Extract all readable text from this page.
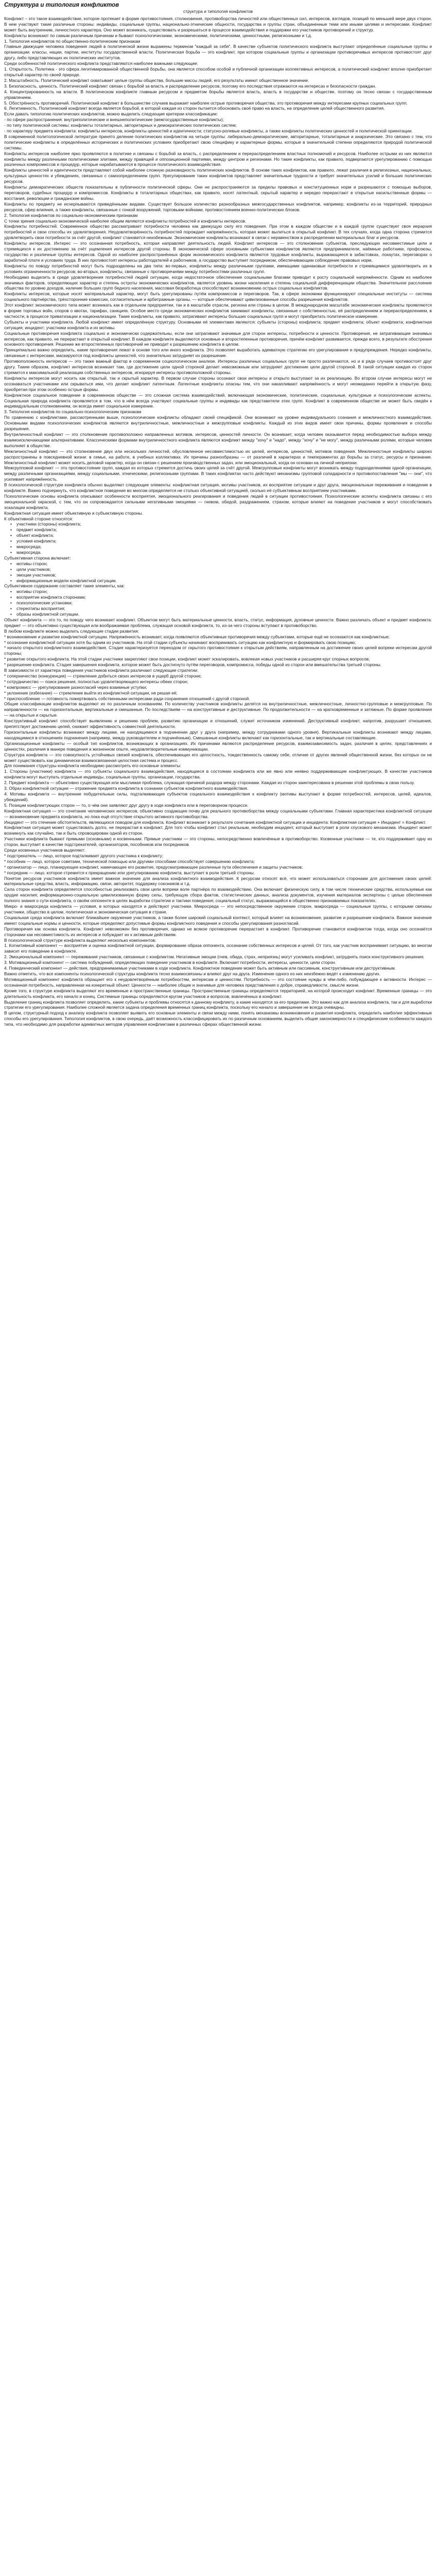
Структура и типология конфликтов
структура и типология конфликтов

Конфликт – это такое взаимодействие, которое протекает в форме противостояния, столкновения, противоборства личностей или общественных сил, интересов, взглядов, позиций по меньшей мере двух сторон. В нем участвуют такие различные стороны: индивиды, социальные группы, национально-этнические общности, государства и группы стран, объединенные теми или иными целями и интересами. Конфликт может быть внутренним, личностного характера. Оно может возникать, существовать и разрешаться в процессе взаимодействия и поддержки его участников противоречий и структур.

Конфликты возникают по самым различным причинам и бывают психологическими, экономическими, политическими, ценностными, религиозными и т.д.

1. Типология конфликтов по общественно-политическим признакам

Главные движущие человека поведения людей в политической жизни выражены термином "каждый за себя". В качестве субъектов политического конфликта выступают определённые социальные группы и организации: классы, нации, партии, институты государственной власти. Политическая борьба — это конфликт, при котором социальные группы и организации противоречивых интересов противостоят друг другу, либо представляющих их политических институтов.

Среди особенностей политического конфликта представляются наиболее важными следующие:

1. Открытость. Политика - это сфера легитимированной общественной борьбы, она является способом особой и публичной организации коллективных интересов, а политический конфликт вполне приобретает открытый характер по своей природе.

2. Масштабность. Политический конфликт охватывает целые группы общества, большие массы людей, его результаты имеют общественное значение.

3. Безопасность, ценность. Политический конфликт связан с борьбой за власть и распределение ресурсов, поэтому его последствия отражаются на интересах и безопасности граждан.

4. Концентрированность на власти. В политическом конфликте главным ресурсом и предметом борьбы является власть, власть в государстве и обществе, поэтому он тесно связан с государственным управлением.

5. Обострённость противоречий. Политический конфликт в большинстве случаев выражает наиболее острые противоречия общества, это противоречия между интересами крупных социальных групп.

6. Легитимность. Политический конфликт всегда является борьбой, в которой каждая из сторон пытается обосновать своё право на власть, на определение целей общественного развития.

Если давать типологию политических конфликтов, можно выделить следующие критерии классификации:

- по сфере распространения: внутриполитические и внешнеполитические (межгосударственные конфликты);

- по типу политической системы: конфликты тоталитарных, авторитарных и демократических политических систем;

- по характеру предмета конфликта: конфликты интересов, конфликты ценностей и идентичности; статусно-ролевые конфликты, а также конфликты политических ценностей и политической ориентации.

В современной политологической литературе принято деление политических конфликтов на четыре группы: либерально-демократические, авторитарные, тоталитарные и анархические. Это связано с тем, что политические конфликты в определённых исторических и политических условиях приобретают свою специфику и характерные формы, которые в значительной степени определяются природой политической системы.

Конфликты интересов наиболее ярко проявляются в политике и связаны с борьбой за власть, с распределением и перераспределением властных полномочий и ресурсов. Наиболее острыми из них являются конфликты между различными политическими элитами, между правящей и оппозиционной партиями, между центром и регионами. Но такие конфликты, как правило, подвергаются урегулированию с помощью различных компромиссов и процедур, которые нарабатываются в процессе политического взаимодействия.

Конфликты ценностей и идентичности представляют собой наиболее сложную разновидность политических конфликтов. В основе таких конфликтов, как правило, лежат различия в религиозных, национальных, культурных ценностях и убеждениях, связанных с самоопределением групп. Урегулирование таких конфликтов представляет значительные трудности и требует значительных усилий и больших политических ресурсов.

Конфликты демократических обществ показательны в публичности политической сферы. Они не распространяются за пределы правовых и конституционных норм и разрешаются с помощью выборов, переговоров, судебных процедур и компромиссов. Конфликты в тоталитарных обществах, как правило, носят латентный, скрытый характер и нередко перерастают в открытые насильственные формы — восстания, революции и гражданские войны.

Конфликты по предмету не исчерпываются приведёнными видами. Существует большое количество разнообразных межгосударственных конфликтов, например, конфликты из-за территорий, природных ресурсов, сфер влияния, а также конфликты, связанные с гонкой вооружений, торговыми войнами, противостоянием военно-политических блоков.

2. Типология конфликтов по социально-экономическим признакам

С точки зрения социально-экономической наиболее общим являются конфликты потребностей и конфликты интересов.

Конфликты потребностей. Современное общество рассматривает потребности человека как движущую силу его поведения. При этом в каждом обществе и в каждой группе существует своя иерархия потребностей и свои способы их удовлетворения. Неудовлетворённость потребностей порождает напряжённость, которая может вылиться в открытый конфликт. В тех случаях, когда одна сторона стремится удовлетворить свои потребности за счёт другой, конфликт становится неизбежным. Экономические конфликты возникают в связи с неравенством в распределении материальных благ и ресурсов.

Конфликты интересов. Интерес — это осознанная потребность, которая направляет деятельность людей. Конфликт интересов — это столкновение субъектов, преследующих несовместимые цели и стремящихся к их достижению за счёт ущемления интересов другой стороны. В экономической сфере основными субъектами конфликтов являются предприниматели, наёмные работники, профсоюзы, государство и различные группы интересов. Одной из наиболее распространённых форм экономического конфликта являются трудовые конфликты, выражающиеся в забастовках, локаутах, переговорах о заработной плате и условиях труда. В них противостоят интересы работодателей и работников, а государство выступает посредником, обеспечивающим соблюдение правовых норм.

Конфликты по поводу потребностей могут быть подразделены на два типа: во-первых, конфликты между различными группами, имеющими одинаковые потребности и стремящимися удовлетворить их в условиях ограниченности ресурсов; во-вторых, конфликты, связанные с противоречиями между потребностями различных групп.

Необходимо выделить в среде удовлетворения потребностей людей ситуации, когда недостаточное обеспечение социальными благами приводит к росту социальной напряжённости. Одним из наиболее значимых факторов, определяющих характер и степень остроты экономических конфликтов, является уровень жизни населения и степень социальной дифференциации общества. Значительное расслоение общества по уровню доходов, наличие больших групп бедного населения, массовая безработица способствуют возникновению острых социальных конфликтов.

Конфликты интересов, которые носят материальный характер, могут быть урегулированы путём компромиссов и переговоров. Так, в сфере экономики функционируют специальные институты — система социального партнёрства, трёхсторонние комиссии, согласительные и арбитражные органы, — которые обеспечивают цивилизованные способы разрешения конфликтов.

Этот конфликт экономического типа может возникать как в отдельном предприятии, так и в масштабе отрасли, региона или страны в целом. В международном масштабе экономические конфликты проявляются в форме торговых войн, споров о квотах, тарифах, санкциях. Особое место среди экономических конфликтов занимают конфликты, связанные с собственностью, её распределением и перераспределением, в частности, в процессе приватизации и национализации. Такие конфликты, как правило, затрагивают интересы больших социальных групп и могут приобретать политическое измерение.

Субъекты и участники конфликта. Любой конфликт имеет определённую структуру. Основными её элементами являются: субъекты (стороны) конфликта; предмет конфликта; объект конфликта; конфликтная ситуация; инцидент; участники конфликта и их мотивы.

Социальные противоречия конфликта социально и экономически содержательны, если они затрагивают значимые для сторон интересы, потребности и ценности. Противоречия, не затрагивающие значимых интересов, как правило, не перерастают в открытый конфликт. В каждом конфликте выделяются основные и второстепенные противоречия, причём конфликт развивается, прежде всего, в результате обострения основного противоречия. Решение же второстепенных противоречий не приводит к разрешению конфликта в целом.

Принципиально важно определить, какие противоречия лежат в основе того или иного конфликта. Это позволяет выработать адекватную стратегию его урегулирования и предупреждения. Нередко конфликты, связанные с интересами, маскируются под конфликты ценностей, что значительно затрудняет их разрешение.

Противоположность интересов — это также важный фактор в современном социологическом анализе. Интересы различных социальных групп не просто различаются, но и в ряде случаев противостоят друг другу. Таким образом, конфликт интересов возникает там, где достижение цели одной стороной делает невозможным или затрудняет достижение цели другой стороной. В такой ситуации каждая из сторон стремится к максимальной реализации собственных интересов, игнорируя интересы противоположной стороны.

Конфликты интересов могут носить как открытый, так и скрытый характер. В первом случае стороны осознают свои интересы и открыто выступают за их реализацию. Во втором случае интересы могут не осознаваться участниками или скрываться ими, что делает конфликт латентным. Латентные конфликты опасны тем, что они накапливают напряжённость и могут неожиданно перейти в открытую фазу, приобретая при этом особенно острые формы.

Конфликтное социальное поведение в современном обществе — это сложная система взаимодействий, включающая экономические, политические, социальные, культурные и психологические аспекты. Социальная природа конфликта проявляется в том, что в нём всегда участвуют социальные группы и индивиды как представители этих групп. Конфликт в современном обществе не может быть сведён к индивидуальным столкновениям, он всегда имеет социальное измерение.

3. Типология конфликтов по социально-психологическим признакам

По сравнению с конфликтами, рассмотренными выше, психологические конфликты обладают своей спецификой. Они возникают на уровне индивидуального сознания и межличностного взаимодействия. Основными видами психологических конфликтов являются внутриличностные, межличностные и межгрупповые конфликты. Каждый из этих видов имеет свои причины, формы проявления и способы разрешения.

Внутриличностный конфликт — это столкновение противоположно направленных мотивов, интересов, ценностей личности. Он возникает, когда человек оказывается перед необходимостью выбора между взаимоисключающими альтернативами. Классическими формами внутриличностного конфликта являются конфликт между "хочу" и "надо", между "хочу" и "не могу", между различными ролями, которые человек выполняет в обществе.

Межличностный конфликт — это столкновение двух или нескольких личностей, обусловленное несовместимостью их целей, интересов, ценностей, мотивов поведения. Межличностные конфликты широко распространены в повседневной жизни: в семье, на работе, в учебных коллективах. Их причины разнообразны — от различий в характерах и темпераментах до борьбы за статус, ресурсы и признание. Межличностный конфликт может носить деловой характер, когда он связан с решением производственных задач, или эмоциональный, когда он основан на личной неприязни.

Межгрупповой конфликт — это противостояние групп, каждая из которых стремится достичь своих целей за счёт другой. Межгрупповые конфликты могут возникать между подразделениями одной организации, между различными организациями, между социальными, этническими, религиозными группами. В таких конфликтах часто действуют механизмы групповой солидарности и противопоставления "мы — они", что усиливает напряжённость.

В психологической структуре конфликта обычно выделяют следующие элементы: конфликтная ситуация, мотивы участников, их восприятие ситуации и друг друга, эмоциональные переживания и поведение в конфликте. Важно подчеркнуть, что конфликтное поведение во многом определяется не столько объективной ситуацией, сколько её субъективным восприятием участниками.

Психологические основы конфликта описывают особенности восприятия, эмоционального реагирования и поведения людей в ситуации противостояния. Психологические аспекты конфликта связаны с его эмоциональной окраской, с тем, что он сопровождается сильными негативными эмоциями — гневом, обидой, раздражением, страхом, которые влияют на поведение участников и могут способствовать эскалации конфликта.

Конфликтная ситуация имеет объективную и субъективную стороны.

К объективной стороне относятся:

• участники (стороны) конфликта;
• предмет конфликта;
• объект конфликта;
• условия конфликта;
• микросреда;
• макросреда.

Субъективная сторона включает:

• мотивы сторон;
• цели участников;
• эмоции участников;
• информационные модели конфликтной ситуации.

Субъективное содержание составляет такие элементы, как:

• мотивы сторон;
• восприятие конфликта сторонами;
• психологические установки;
• стереотипы восприятия;
• образы конфликтной ситуации.

Объект конфликта — это то, по поводу чего возникает конфликт. Объектом могут быть материальные ценности, власть, статус, информация, духовные ценности. Важно различать объект и предмет конфликта: предмет — это объективно существующая или воображаемая проблема, служащая основой конфликта, то, из-за чего стороны вступают в противоборство.

В любом конфликте можно выделить следующие стадии развития:

* возникновение и развитие конфликтной ситуации. Напряжённость возникает, когда появляются объективные противоречия между субъектами, которые ещё не осознаются как конфликтные;

* осознание конфликтной ситуации хотя бы одним из участников. На этой стадии субъекты начинают воспринимать ситуацию как конфликтную и формировать свою позицию;

* начало открытого конфликтного взаимодействия. Стадия характеризуется переходом от скрытого противостояния к открытым действиям, направленным на достижение своих целей вопреки интересам другой стороны;

* развитие открытого конфликта. На этой стадии участники закрепляют свои позиции, конфликт может эскалировать, вовлекая новых участников и расширяя круг спорных вопросов;

* разрешение конфликта. Стадия завершения конфликта, которое может быть достигнуто путём переговоров, компромисса, победы одной из сторон или вмешательства третьей стороны.

В зависимости от характера поведения участников конфликта различают следующие стратегии:

* соперничество (конкуренция) — стремление добиться своих интересов в ущерб другой стороне;

* сотрудничество — поиск решения, полностью удовлетворяющего интересы обеих сторон;

* компромисс — урегулирование разногласий через взаимные уступки;

* уклонение (избегание) — стремление выйти из конфликтной ситуации, не решая её;

* приспособление — готовность пожертвовать собственными интересами ради сохранения отношений с другой стороной.

Общие классификации конфликтов выделяют их по различным основаниям. По количеству участников конфликты делятся на внутриличностные, межличностные, личностно-групповые и межгрупповые. По направленности — на горизонтальные, вертикальные и смешанные. По последствиям — на конструктивные и деструктивные. По продолжительности — на кратковременные и затяжные. По форме проявления — на открытые и скрытые.

Конструктивный конфликт способствует выявлению и решению проблем, развитию организации и отношений, служит источником изменений. Деструктивный конфликт, напротив, разрушает отношения, препятствует достижению целей, снижает эффективность совместной деятельности.

Горизонтальные конфликты возникают между лицами, не находящимися в подчинении друг у друга (например, между сотрудниками одного уровня). Вертикальные конфликты возникают между лицами, находящимися в отношениях подчинения (например, между руководителем и подчинённым). Смешанные конфликты включают как горизонтальные, так и вертикальные составляющие.

Организационные конфликты — особый тип конфликтов, возникающих в организациях. Их причинами являются распределение ресурсов, взаимозависимость задач, различия в целях, представлениях и ценностях, различия в манере поведения и жизненном опыте, неудовлетворительные коммуникации.

Структура конфликта — это совокупность устойчивых связей конфликта, обеспечивающих его целостность, тождественность самому себе, отличие от других явлений общественной жизни, без которых он не может существовать как динамически взаимосвязанная целостная система и процесс.

Для понимания структуры конфликта необходимо рассмотреть его основные элементы:

1. Стороны (участники) конфликта — это субъекты социального взаимодействия, находящиеся в состоянии конфликта или же явно или неявно поддерживающие конфликтующих. В качестве участников конфликта могут выступать отдельные индивиды, социальные группы, организации, государства.

2. Предмет конфликта — объективно существующая или мыслимая проблема, служащая причиной раздора между сторонами. Каждая из сторон заинтересована в решении этой проблемы в свою пользу.

3. Образ конфликтной ситуации — отражение предмета конфликта в сознании субъектов конфликтного взаимодействия.

4. Мотивы конфликта — внутренние побудительные силы, подталкивающие субъектов социального взаимодействия к конфликту (мотивы выступают в форме потребностей, интересов, целей, идеалов, убеждений).

5. Позиции конфликтующих сторон — то, о чём они заявляют друг другу в ходе конфликта или в переговорном процессе.

Конфликтная ситуация — это сочетание человеческих интересов, объективно создающее почву для реального противоборства между социальными субъектами. Главная характеристика конфликтной ситуации — возникновение предмета конфликта, но пока ещё отсутствие открытого активного противоборства.

Инцидент — это стечение обстоятельств, являющихся поводом для конфликта. Конфликт возникает в результате сочетания конфликтной ситуации и инцидента: Конфликтная ситуация + Инцидент = Конфликт.

Конфликтная ситуация может существовать долго, не перерастая в конфликт. Для того чтобы конфликт стал реальным, необходим инцидент, который выступает в роли спускового механизма. Инцидент может возникнуть как случайно, так и быть спровоцирован одной из сторон.

Участники конфликта бывают прямыми (основными) и косвенными. Прямые участники — это стороны, непосредственно вовлечённые в противоборство. Косвенные участники — те, кто поддерживает одну из сторон, выступает в качестве подстрекателей, организаторов, пособников или посредников.

Среди косвенных участников выделяют:

* подстрекатель — лицо, которое подталкивает другого участника к конфликту;

* пособник — лицо, которое советами, технической помощью или другими способами способствует совершению конфликта;

* организатор — лицо, планирующее конфликт, намечающее его развитие, предусматривающее различные пути обеспечения и защиты участников;

* посредник — лицо, которое стремится к прекращению или урегулированию конфликта, выступает в роли третьей стороны.

Понятие ресурсов участников конфликта имеет важное значение для анализа конфликтного взаимодействия. К ресурсам относят всё, что может использоваться сторонами для достижения своих целей: материальные средства, власть, информацию, связи, авторитет, поддержку союзников и т.д.

Сила сторон конфликта определяется способностью реализовать свои цели вопреки воле партнёра по взаимодействию. Она включает физическую силу, в том числе технические средства, используемые как орудие насилия; информационно-социальную цивилизованную форму силы, требующую сбора фактов, статистических данных, анализа документов, изучения материалов экспертизы с целью обеспечения полного знания о сути конфликта, о своём оппоненте в целях выработки стратегии и тактики поведения; социальный статус, выражающийся в общественно признаваемых показателях.

Микро- и макросреда конфликта — условия, в которых находятся и действуют участники. Микросреда — это непосредственное окружение сторон, макросреда — социальные группы, с которыми связаны участники, общество в целом, политическая и экономическая ситуация в стране.

Социальная среда конфликта включает ближайшее окружение участников, а также более широкий социальный контекст, который влияет на возникновение, развитие и разрешение конфликта. Важное значение имеют социальные нормы и ценности, которые определяют допустимые формы конфликтного поведения и способы урегулирования разногласий.

Противоречия как основа конфликта. Конфликт невозможен без противоречия, однако не всякое противоречие перерастает в конфликт. Противоречие становится конфликтом тогда, когда оно осознаётся сторонами как несовместимость их интересов и побуждает их к активным действиям.

В психологической структуре конфликта выделяют несколько компонентов:

1. Когнитивный компонент — восприятие и оценка конфликтной ситуации, формирование образа оппонента, осознание собственных интересов и целей. От того, как участник воспринимает ситуацию, во многом зависит его поведение в конфликте.

2. Эмоциональный компонент — переживания участников, связанные с конфликтом. Негативные эмоции (гнев, обида, страх, неприязнь) могут усиливать конфликт, затруднять поиск конструктивного решения.

3. Мотивационный компонент — система побуждений, определяющих поведение участников в конфликте. Включает потребности, интересы, ценности, цели сторон.

4. Поведенческий компонент — действия, предпринимаемые участниками в ходе конфликта. Конфликтное поведение может быть активным или пассивным, конструктивным или деструктивным.

Важно отметить, что все компоненты психологической структуры конфликта тесно взаимосвязаны и влияют друг на друга. Изменение одного из них неизбежно ведёт к изменению других.

Мотивационный компонент конфликта обращает его к неудовлетворённым потребностям, интересам и ценностям. Потребность — это состояние нужды в чём-либо, побуждающее к активности. Интерес — осознанная потребность, направленная на конкретный объект. Ценности — наиболее общие и значимые для человека представления о добре, справедливости, смысле жизни.

Кроме того, в структуре конфликта выделяют его временные и пространственные границы. Пространственные границы определяются территорией, на которой происходит конфликт. Временные границы — это длительность конфликта, его начало и конец. Системные границы определяются кругом участников и вопросов, вовлечённых в конфликт.

Выделение границ конфликта позволяет определить, какие субъекты и проблемы относятся к данному конфликту, а какие находятся за его пределами. Это важно как для анализа конфликта, так и для выработки стратегии его урегулирования. Наиболее сложной является задача определения временных границ конфликта, поскольку его начало и завершение не всегда очевидны.

В целом, структурный подход к анализу конфликта позволяет выявить его основные элементы и связи между ними, понять механизмы возникновения и развития конфликта, определить наиболее эффективные способы его урегулирования. Типология конфликтов, в свою очередь, даёт возможность классифицировать их по различным основаниям, выделить общие закономерности и специфические особенности каждого типа, что необходимо для разработки адекватных методов управления конфликтами в различных сферах общественной жизни.
